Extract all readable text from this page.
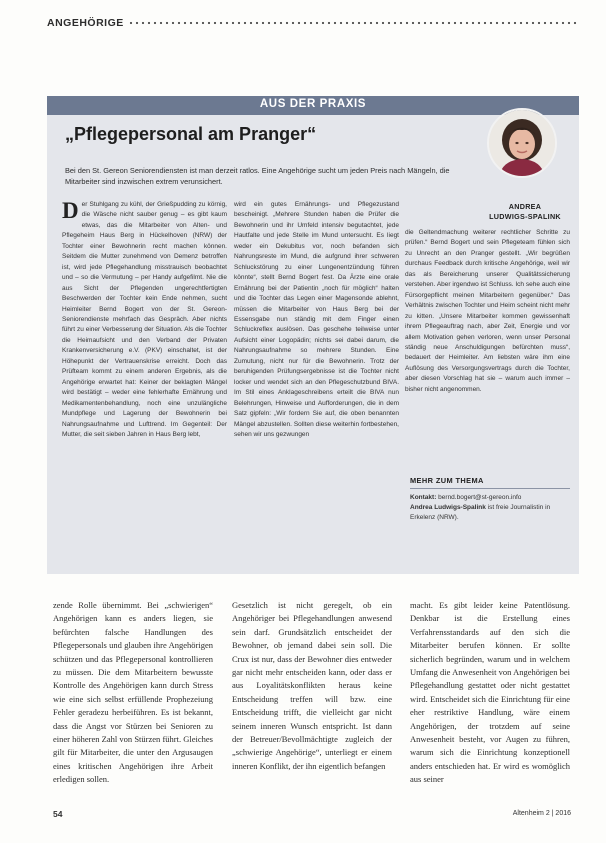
ANGEHÖRIGE
AUS DER PRAXIS
„Pflegepersonal am Pranger“
Bei den St. Gereon Seniorendiensten ist man derzeit ratlos. Eine Angehörige sucht um jeden Preis nach Mängeln, die Mitarbeiter sind inzwischen extrem verunsichert.
ANDREA
LUDWIGS-SPALINK

Der Stuhlgang zu kühl, der Grießpudding zu körnig, die Wäsche nicht sauber genug – es gibt kaum etwas, das die Mitarbeiter von Alten- und Pflegeheim Haus Berg in Hückelhoven (NRW) der Tochter einer Bewohnerin recht machen können. Seitdem die Mutter zunehmend von Demenz betroffen ist, wird jede Pflegehandlung misstrauisch beobachtet und – so die Vermutung – per Handy aufgefilmt. Nie die aus Sicht der Pflegenden ungerechtfertigten Beschwerden der Tochter kein Ende nehmen, sucht Heimleiter Bernd Bogert von der St. Gereon-Seniorendienste mehrfach das Gespräch. Aber nichts führt zu einer Verbesserung der Situation. Als die Tochter die Heimaufsicht und den Verband der Privaten Krankenversicherung e.V. (PKV) einschaltet, ist der Höhepunkt der Vertrauenskrise erreicht. Doch das Prüfteam kommt zu einem anderen Ergebnis, als die Angehörige erwartet hat: Keiner der beklagten Mängel wird bestätigt – weder eine fehlerhafte Ernährung und Medikamentenbehandlung, noch eine unzulängliche Mundpflege und Lagerung der Bewohnerin bei Nahrungsaufnahme und Lufttrend. Im Gegenteil: Der Mutter, die seit sieben Jahren in Haus Berg lebt,

wird ein gutes Ernährungs- und Pflegezustand bescheinigt. „Mehrere Stunden haben die Prüfer die Bewohnerin und ihr Umfeld intensiv begutachtet, jede Hautfalte und jede Stelle im Mund untersucht. Es liegt weder ein Dekubitus vor, noch befanden sich Nahrungsreste im Mund, die aufgrund ihrer schweren Schluckstörung zu einer Lungenentzündung führen könnte“, stellt Bernd Bogert fest. Da Ärzte eine orale Ernährung bei der Patientin „noch für möglich“ halten und die Tochter das Legen einer Magensonde ablehnt, müssen die Mitarbeiter von Haus Berg bei der Essensgabe nun ständig mit dem Finger einen Schluckreflex auslösen. Das geschehe teilweise unter Aufsicht einer Logopädin; nichts sei dabei darum, die Nahrungsaufnahme so mehrere Stunden. Eine Zumutung, nicht nur für die Bewohnerin. Trotz der beruhigenden Prüfungsergebnisse ist die Tochter nicht locker und wendet sich an den Pflegeschutzbund BIVA. Im Stil eines Anklageschreibens erteilt die BIVA nun Belehrungen, Hinweise und Aufforderungen, die in dem Satz gipfeln: „Wir fordern Sie auf, die oben benannten Mängel abzustellen. Sollten diese weiterhin fortbestehen, sehen wir uns gezwungen

die Geltendmachung weiterer rechtlicher Schritte zu prüfen.“ Bernd Bogert und sein Pflegeteam fühlen sich zu Unrecht an den Pranger gestellt. „Wir begrüßen durchaus Feedback durch kritische Angehörige, weil wir das als Bereicherung unserer Qualitätssicherung verstehen. Aber irgendwo ist Schluss. Ich sehe auch eine Fürsorgepflicht meinen Mitarbeitern gegenüber.“ Das Verhältnis zwischen Tochter und Heim scheint nicht mehr zu kitten. „Unsere Mitarbeiter kommen gewissenhaft ihrem Pflegeauftrag nach, aber Zeit, Energie und vor allem Motivation gehen verloren, wenn unser Personal ständig neue Anschuldigungen befürchten muss“, bedauert der Heimleiter. Am liebsten wäre ihm eine Auflösung des Versorgungsvertrags durch die Tochter, aber diesen Vorschlag hat sie – warum auch immer – bisher nicht angenommen.

MEHR ZUM THEMA
Kontakt: bernd.bogert@st-gereon.info
Andrea Ludwigs-Spalink ist freie Journalistin in Erkelenz (NRW).

zende Rolle übernimmt. Bei „schwierigen“ Angehörigen kann es anders liegen, sie befürchten falsche Handlungen des Pflegepersonals und glauben ihre Angehörigen schützen und das Pflegepersonal kontrollieren zu müssen. Die dem Mitarbeitern bewusste Kontrolle des Angehörigen kann durch Stress wie eine sich selbst erfüllende Prophezeiung Fehler geradezu herbeiführen. Es ist bekannt, dass die Angst vor Stürzen bei Senioren zu einer höheren Zahl von Stürzen führt. Gleiches gilt für Mitarbeiter, die unter den Argusaugen eines kritischen Angehörigen ihre Arbeit erledigen sollen.

Gesetzlich ist nicht geregelt, ob ein Angehöriger bei Pflegehandlungen anwesend sein darf. Grundsätzlich entscheidet der Bewohner, ob jemand dabei sein soll. Die Crux ist nur, dass der Bewohner dies entweder gar nicht mehr entscheiden kann, oder dass er aus Loyalitätskonflikten heraus keine Entscheidung treffen will bzw. eine Entscheidung trifft, die vielleicht gar nicht seinem inneren Wunsch entspricht. Ist dann der Betreuer/Bevollmächtigte zugleich der „schwierige Angehörige“, unterliegt er einem inneren Konflikt, der ihn eigentlich befangen

macht. Es gibt leider keine Patentlösung. Denkbar ist die Erstellung eines Verfahrensstandards auf den sich die Mitarbeiter berufen können. Er sollte sicherlich begründen, warum und in welchem Umfang die Anwesenheit von Angehörigen bei Pflegehandlung gestattet oder nicht gestattet wird. Entscheidet sich die Einrichtung für eine eher restriktive Handlung, wäre einem Angehörigen, der trotzdem auf seine Anwesenheit besteht, vor Augen zu führen, warum sich die Einrichtung konzeptionell anders entschieden hat. Er wird es womöglich aus seiner

54	Altenheim 2 | 2016
